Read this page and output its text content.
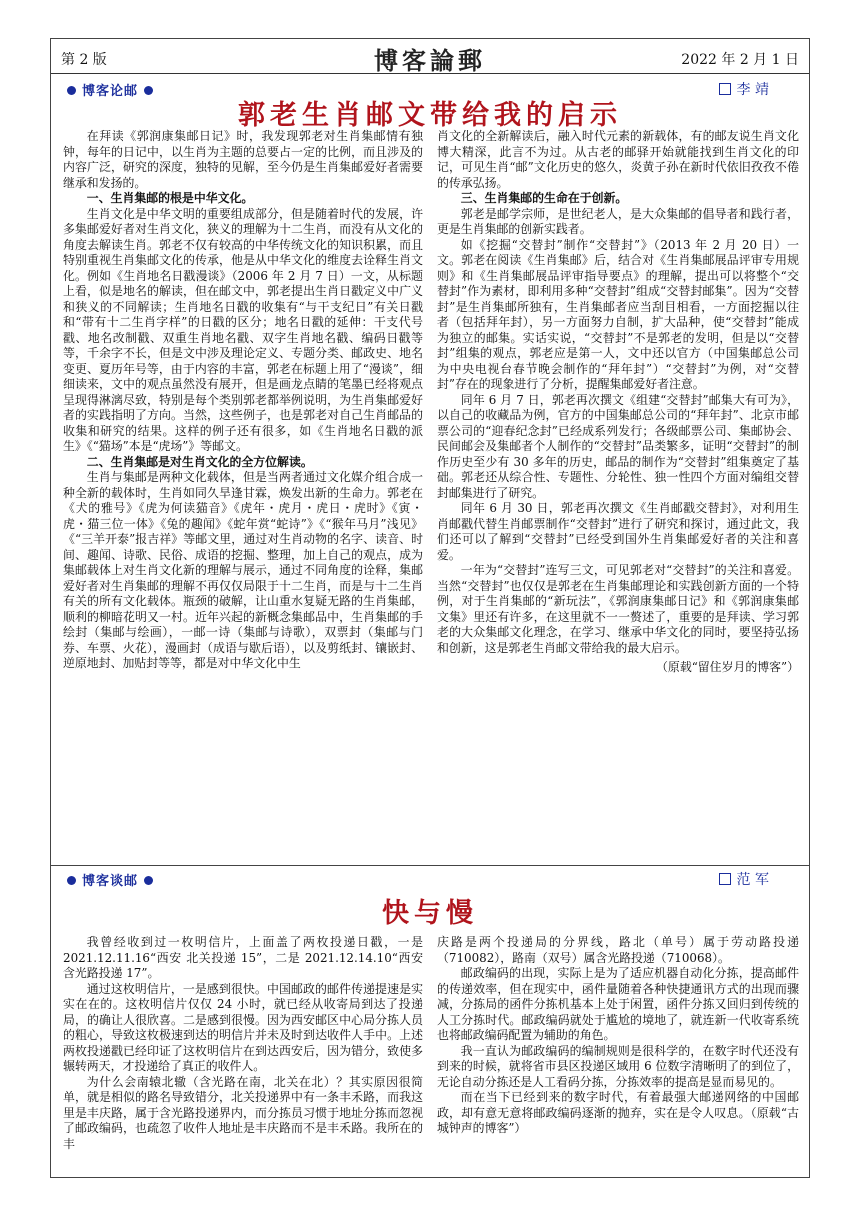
第 2 版	博客論郵	2022 年 2 月 1 日
博客论邮	李 靖
郭老生肖邮文带给我的启示

在拜读《郭润康集邮日记》时，我发现郭老对生肖集邮情有独钟，每年的日记中，以生肖为主题的总要占一定的比例，而且涉及的内容广泛，研究的深度，独特的见解，至今仍是生肖集邮爱好者需要继承和发扬的。

一、生肖集邮的根是中华文化。

生肖文化是中华文明的重要组成部分，但是随着时代的发展，许多集邮爱好者对生肖文化，狭义的理解为十二生肖，而没有从文化的角度去解读生肖。郭老不仅有较高的中华传统文化的知识积累，而且特别重视生肖集邮文化的传承，他是从中华文化的维度去诠释生肖文化。例如《生肖地名日戳漫谈》（2006 年 2 月 7 日）一文，从标题上看，似是地名的解读，但在邮文中，郭老提出生肖日戳定义中广义和狭义的不同解读；生肖地名日戳的收集有“与干支纪日”有关日戳和“带有十二生肖字样”的日戳的区分；地名日戳的延伸：干支代号戳、地名改制戳、双重生肖地名戳、双字生肖地名戳、编码日戳等等，千余字不长，但是文中涉及理论定义、专题分类、邮政史、地名变更、夏历年号等，由于内容的丰富，郭老在标题上用了“漫谈”，细细读来，文中的观点虽然没有展开，但是画龙点睛的笔墨已经将观点呈现得淋漓尽致，特别是每个类别郭老都举例说明，为生肖集邮爱好者的实践指明了方向。当然，这些例子，也是郭老对自己生肖邮品的收集和研究的结果。这样的例子还有很多，如《生肖地名日戳的派生》《“猫场”本是“虎场”》等邮文。

二、生肖集邮是对生肖文化的全方位解读。

生肖与集邮是两种文化载体，但是当两者通过文化媒介组合成一种全新的载体时，生肖如同久旱逢甘霖，焕发出新的生命力。郭老在《犬的雅号》《虎为何读猫音》《虎年・虎月・虎日・虎时》《寅・虎・猫三位一体》《兔的趣闻》《蛇年赏“蛇诗”》《“猴年马月”浅见》《“三羊开泰”报吉祥》等邮文里，通过对生肖动物的名字、读音、时间、趣闻、诗歌、民俗、成语的挖掘、整理，加上自己的观点，成为集邮载体上对生肖文化新的理解与展示，通过不同角度的诠释，集邮爱好者对生肖集邮的理解不再仅仅局限于十二生肖，而是与十二生肖有关的所有文化载体。瓶颈的破解，让山重水复疑无路的生肖集邮，顺利的柳暗花明又一村。近年兴起的新概念集邮品中，生肖集邮的手绘封（集邮与绘画），一邮一诗（集邮与诗歌），双票封（集邮与门券、车票、火花），漫画封（成语与歇后语），以及剪纸封、镶嵌封、逆原地封、加贴封等等，都是对中华文化中生

肖文化的全新解读后，融入时代元素的新载体，有的邮友说生肖文化博大精深，此言不为过。从古老的邮驿开始就能找到生肖文化的印记，可见生肖“邮”文化历史的悠久，炎黄子孙在新时代依旧孜孜不倦的传承弘扬。

三、生肖集邮的生命在于创新。

郭老是邮学宗师，是世纪老人，是大众集邮的倡导者和践行者，更是生肖集邮的创新实践者。

如《挖掘“交替封”制作“交替封”》（2013 年 2 月 20 日）一文。郭老在阅读《生肖集邮》后，结合对《生肖集邮展品评审专用规则》和《生肖集邮展品评审指导要点》的理解，提出可以将整个“交替封”作为素材，即利用多种“交替封”组成“交替封邮集”。因为“交替封”是生肖集邮所独有，生肖集邮者应当刮目相看，一方面挖掘以往者（包括拜年封），另一方面努力自制，扩大品种，使“交替封”能成为独立的邮集。实话实说，“交替封”不是郭老的发明，但是以“交替封”组集的观点，郭老应是第一人，文中还以官方（中国集邮总公司为中央电视台春节晚会制作的“拜年封”）“交替封”为例，对“交替封”存在的现象进行了分析，提醒集邮爱好者注意。

同年 6 月 7 日，郭老再次撰文《组建“交替封”邮集大有可为》，以自己的收藏品为例，官方的中国集邮总公司的“拜年封”、北京市邮票公司的“迎春纪念封”已经成系列发行；各级邮票公司、集邮协会、民间邮会及集邮者个人制作的“交替封”品类繁多，证明“交替封”的制作历史至少有 30 多年的历史，邮品的制作为“交替封”组集奠定了基础。郭老还从综合性、专题性、分轮性、独一性四个方面对编组交替封邮集进行了研究。

同年 6 月 30 日，郭老再次撰文《生肖邮戳交替封》，对利用生肖邮戳代替生肖邮票制作“交替封”进行了研究和探讨，通过此文，我们还可以了解到“交替封”已经受到国外生肖集邮爱好者的关注和喜爱。

一年为“交替封”连写三文，可见郭老对“交替封”的关注和喜爱。当然“交替封”也仅仅是郭老在生肖集邮理论和实践创新方面的一个特例，对于生肖集邮的“新玩法”，《郭润康集邮日记》和《郭润康集邮文集》里还有许多，在这里就不一一赘述了，重要的是拜读、学习郭老的大众集邮文化理念，在学习、继承中华文化的同时，要坚持弘扬和创新，这是郭老生肖邮文带给我的最大启示。

（原载“留住岁月的博客”）

博客谈邮	范 军
快与慢

我曾经收到过一枚明信片，上面盖了两枚投递日戳，一是 2021.12.11.16“西安 北关投递 15”，二是 2021.12.14.10“西安 含光路投递 17”。

通过这枚明信片，一是感到很快。中国邮政的邮件传递提速是实实在在的。这枚明信片仅仅 24 小时，就已经从收寄局到达了投递局，的确让人很欣喜。二是感到很慢。因为西安邮区中心局分拣人员的粗心，导致这枚极速到达的明信片并未及时到达收件人手中。上述两枚投递戳已经印证了这枚明信片在到达西安后，因为错分，致使多辗转两天，才投递给了真正的收件人。

为什么会南辕北辙（含光路在南，北关在北）？其实原因很简单，就是相似的路名导致错分，北关投递界中有一条丰禾路，而我这里是丰庆路，属于含光路投递界内，而分拣员习惯于地址分拣而忽视了邮政编码，也疏忽了收件人地址是丰庆路而不是丰禾路。我所在的丰

庆路是两个投递局的分界线，路北（单号）属于劳动路投递（710082），路南（双号）属含光路投递（710068）。

邮政编码的出现，实际上是为了适应机器自动化分拣，提高邮件的传递效率，但在现实中，函件量随着各种快捷通讯方式的出现而骤减，分拣局的函件分拣机基本上处于闲置，函件分拣又回归到传统的人工分拣时代。邮政编码就处于尴尬的境地了，就连新一代收寄系统也将邮政编码配置为辅助的角色。

我一直认为邮政编码的编制规则是很科学的，在数字时代还没有到来的时候，就将省市县区投递区域用 6 位数字清晰明了的到位了，无论自动分拣还是人工看码分拣，分拣效率的提高是显而易见的。

而在当下已经到来的数字时代，有着最强大邮递网络的中国邮政，却有意无意将邮政编码逐渐的抛弃，实在是令人叹息。（原载“古城钟声的博客”）
